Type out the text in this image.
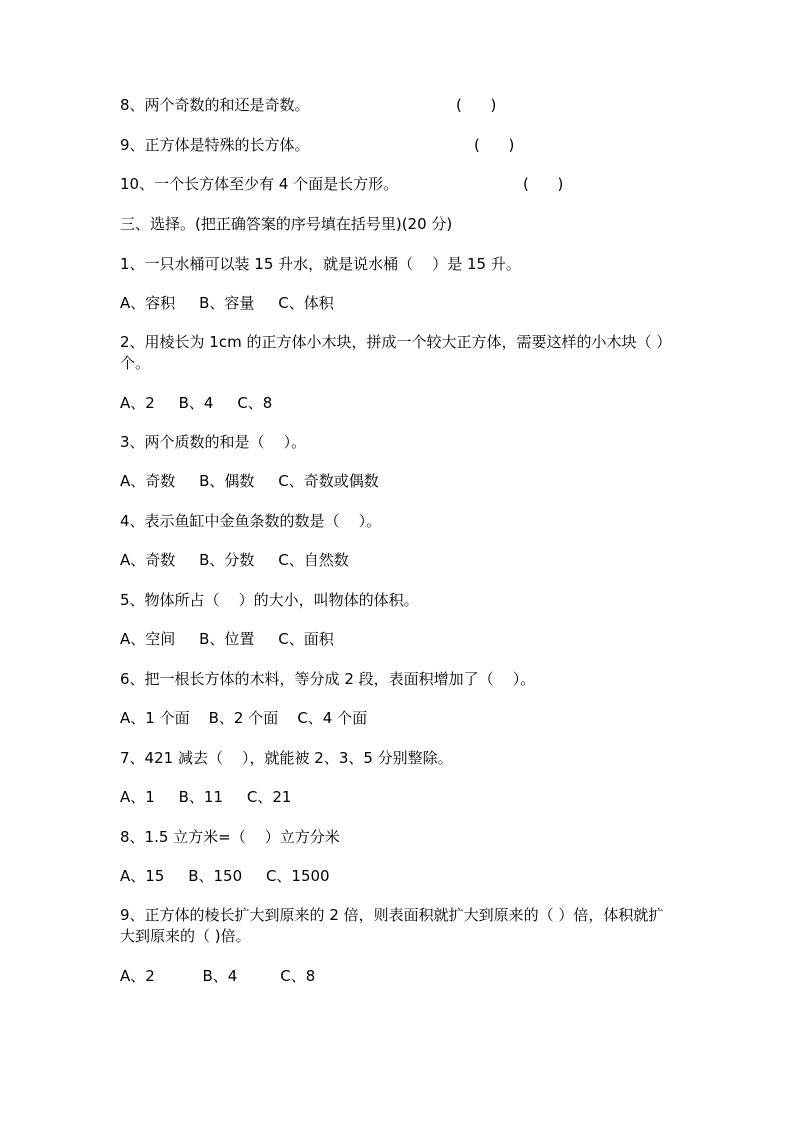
8、两个奇数的和还是奇数。	(      )
9、正方体是特殊的长方体。	(      )
10、一个长方体至少有 4 个面是长方形。	(      )
三、选择。(把正确答案的序号填在括号里)(20 分)
1、一只水桶可以装 15 升水，就是说水桶（    ）是 15 升。
A、容积     B、容量     C、体积
2、用棱长为 1cm 的正方体小木块，拼成一个较大正方体，需要这样的小木块（ ）个。
A、2     B、4     C、8
3、两个质数的和是（    ）。
A、奇数     B、偶数     C、奇数或偶数
4、表示鱼缸中金鱼条数的数是（    ）。
A、奇数     B、分数     C、自然数
5、物体所占（    ）的大小，叫物体的体积。
A、空间     B、位置     C、面积
6、把一根长方体的木料，等分成 2 段，表面积增加了（    ）。
A、1 个面    B、2 个面    C、4 个面
7、421 减去（    ），就能被 2、3、5 分别整除。
A、1     B、11     C、21
8、1.5 立方米=（    ）立方分米
A、15     B、150     C、1500
9、正方体的棱长扩大到原来的 2 倍，则表面积就扩大到原来的（ ）倍，体积就扩大到原来的（ )倍。
A、2          B、4         C、8
